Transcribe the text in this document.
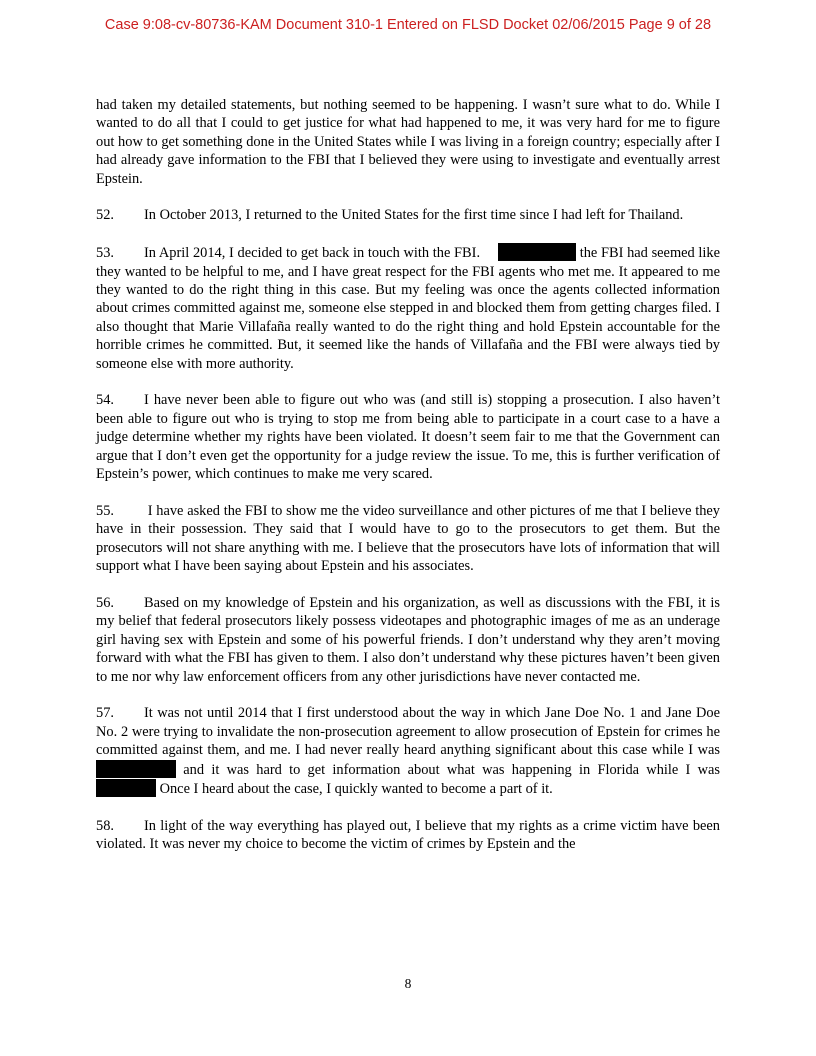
Case 9:08-cv-80736-KAM Document 310-1 Entered on FLSD Docket 02/06/2015 Page 9 of 28

had taken my detailed statements, but nothing seemed to be happening. I wasn’t sure what to do. While I wanted to do all that I could to get justice for what had happened to me, it was very hard for me to figure out how to get something done in the United States while I was living in a foreign country; especially after I had already gave information to the FBI that I believed they were using to investigate and eventually arrest Epstein.

52. In October 2013, I returned to the United States for the first time since I had left for Thailand.

53. In April 2014, I decided to get back in touch with the FBI.	the FBI had seemed like they wanted to be helpful to me, and I have great respect for the FBI agents who met me. It appeared to me they wanted to do the right thing in this case. But my feeling was once the agents collected information about crimes committed against me, someone else stepped in and blocked them from getting charges filed. I also thought that Marie Villafaña really wanted to do the right thing and hold Epstein accountable for the horrible crimes he committed. But, it seemed like the hands of Villafaña and the FBI were always tied by someone else with more authority.

54. I have never been able to figure out who was (and still is) stopping a prosecution. I also haven’t been able to figure out who is trying to stop me from being able to participate in a court case to a have a judge determine whether my rights have been violated. It doesn’t seem fair to me that the Government can argue that I don’t even get the opportunity for a judge review the issue. To me, this is further verification of Epstein’s power, which continues to make me very scared.

55. I have asked the FBI to show me the video surveillance and other pictures of me that I believe they have in their possession. They said that I would have to go to the prosecutors to get them. But the prosecutors will not share anything with me. I believe that the prosecutors have lots of information that will support what I have been saying about Epstein and his associates.

56. Based on my knowledge of Epstein and his organization, as well as discussions with the FBI, it is my belief that federal prosecutors likely possess videotapes and photographic images of me as an underage girl having sex with Epstein and some of his powerful friends. I don’t understand why they aren’t moving forward with what the FBI has given to them. I also don’t understand why these pictures haven’t been given to me nor why law enforcement officers from any other jurisdictions have never contacted me.

57. It was not until 2014 that I first understood about the way in which Jane Doe No. 1 and Jane Doe No. 2 were trying to invalidate the non-prosecution agreement to allow prosecution of Epstein for crimes he committed against them, and me. I had never really heard anything significant about this case while I was and it was hard to get information about what was happening in Florida while I was Once I heard about the case, I quickly wanted to become a part of it.

58. In light of the way everything has played out, I believe that my rights as a crime victim have been violated. It was never my choice to become the victim of crimes by Epstein and the

8
